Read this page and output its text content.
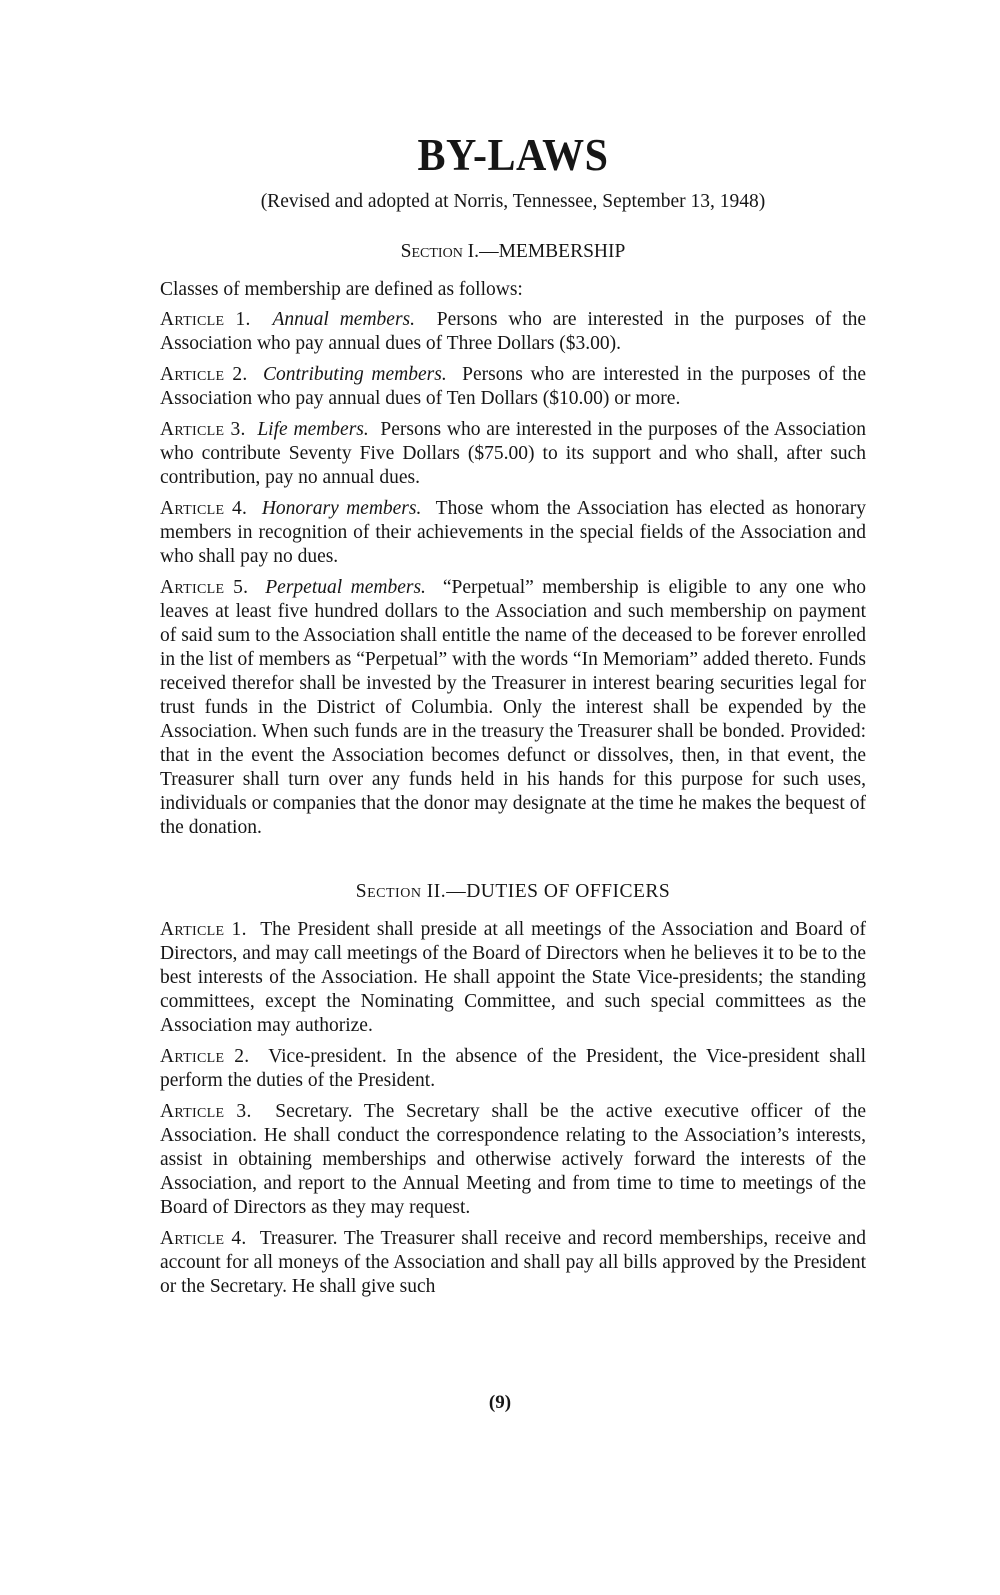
BY-LAWS
(Revised and adopted at Norris, Tennessee, September 13, 1948)
Section I.—MEMBERSHIP

Classes of membership are defined as follows:

Article 1. Annual members. Persons who are interested in the purposes of the Association who pay annual dues of Three Dollars ($3.00).

Article 2. Contributing members. Persons who are interested in the purposes of the Association who pay annual dues of Ten Dollars ($10.00) or more.

Article 3. Life members. Persons who are interested in the purposes of the Association who contribute Seventy Five Dollars ($75.00) to its support and who shall, after such contribution, pay no annual dues.

Article 4. Honorary members. Those whom the Association has elected as honorary members in recognition of their achievements in the special fields of the Association and who shall pay no dues.

Article 5. Perpetual members. “Perpetual” membership is eligible to any one who leaves at least five hundred dollars to the Association and such membership on payment of said sum to the Association shall entitle the name of the deceased to be forever enrolled in the list of members as “Perpetual” with the words “In Memoriam” added thereto. Funds received therefor shall be invested by the Treasurer in interest bearing securities legal for trust funds in the District of Columbia. Only the interest shall be expended by the Association. When such funds are in the treasury the Treasurer shall be bonded. Provided: that in the event the Association becomes defunct or dissolves, then, in that event, the Treasurer shall turn over any funds held in his hands for this purpose for such uses, individuals or companies that the donor may designate at the time he makes the bequest of the donation.

Section II.—DUTIES OF OFFICERS

Article 1. The President shall preside at all meetings of the Association and Board of Directors, and may call meetings of the Board of Directors when he believes it to be to the best interests of the Association. He shall appoint the State Vice-presidents; the standing committees, except the Nominating Committee, and such special committees as the Association may authorize.

Article 2. Vice-president. In the absence of the President, the Vice-president shall perform the duties of the President.

Article 3. Secretary. The Secretary shall be the active executive officer of the Association. He shall conduct the correspondence relating to the Association’s interests, assist in obtaining memberships and otherwise actively forward the interests of the Association, and report to the Annual Meeting and from time to time to meetings of the Board of Directors as they may request.

Article 4. Treasurer. The Treasurer shall receive and record memberships, receive and account for all moneys of the Association and shall pay all bills approved by the President or the Secretary. He shall give such

(9)
